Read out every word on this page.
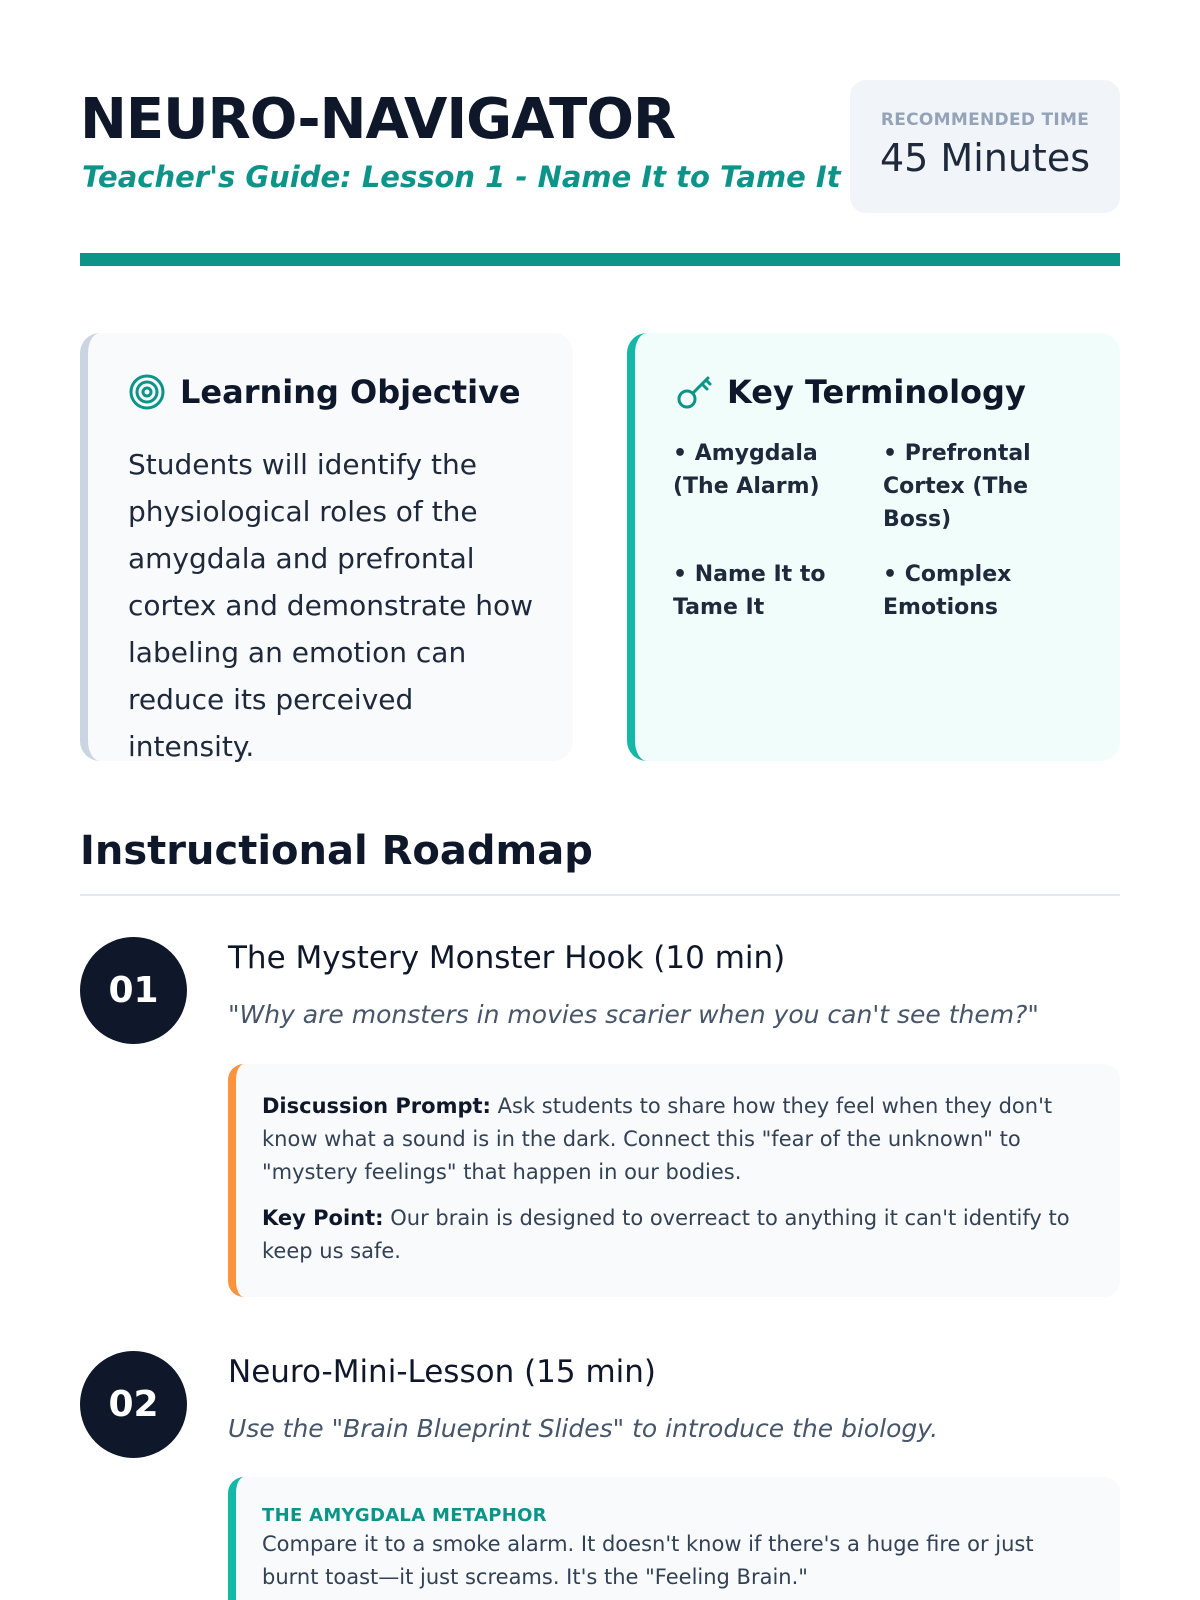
NEURO-NAVIGATOR
Teacher's Guide: Lesson 1 - Name It to Tame It
RECOMMENDED TIME
45 Minutes
Learning Objective

Students will identify the physiological roles of the amygdala and prefrontal cortex and demonstrate how labeling an emotion can reduce its perceived intensity.

Key Terminology
• Amygdala (The Alarm)
• Prefrontal Cortex (The Boss)
• Name It to Tame It
• Complex Emotions
Instructional Roadmap
01
The Mystery Monster Hook (10 min)
"Why are monsters in movies scarier when you can't see them?"

Discussion Prompt: Ask students to share how they feel when they don't know what a sound is in the dark. Connect this "fear of the unknown" to "mystery feelings" that happen in our bodies.

Key Point: Our brain is designed to overreact to anything it can't identify to keep us safe.

02
Neuro-Mini-Lesson (15 min)
Use the "Brain Blueprint Slides" to introduce the biology.
THE AMYGDALA METAPHOR

Compare it to a smoke alarm. It doesn't know if there's a huge fire or just burnt toast—it just screams. It's the "Feeling Brain."
